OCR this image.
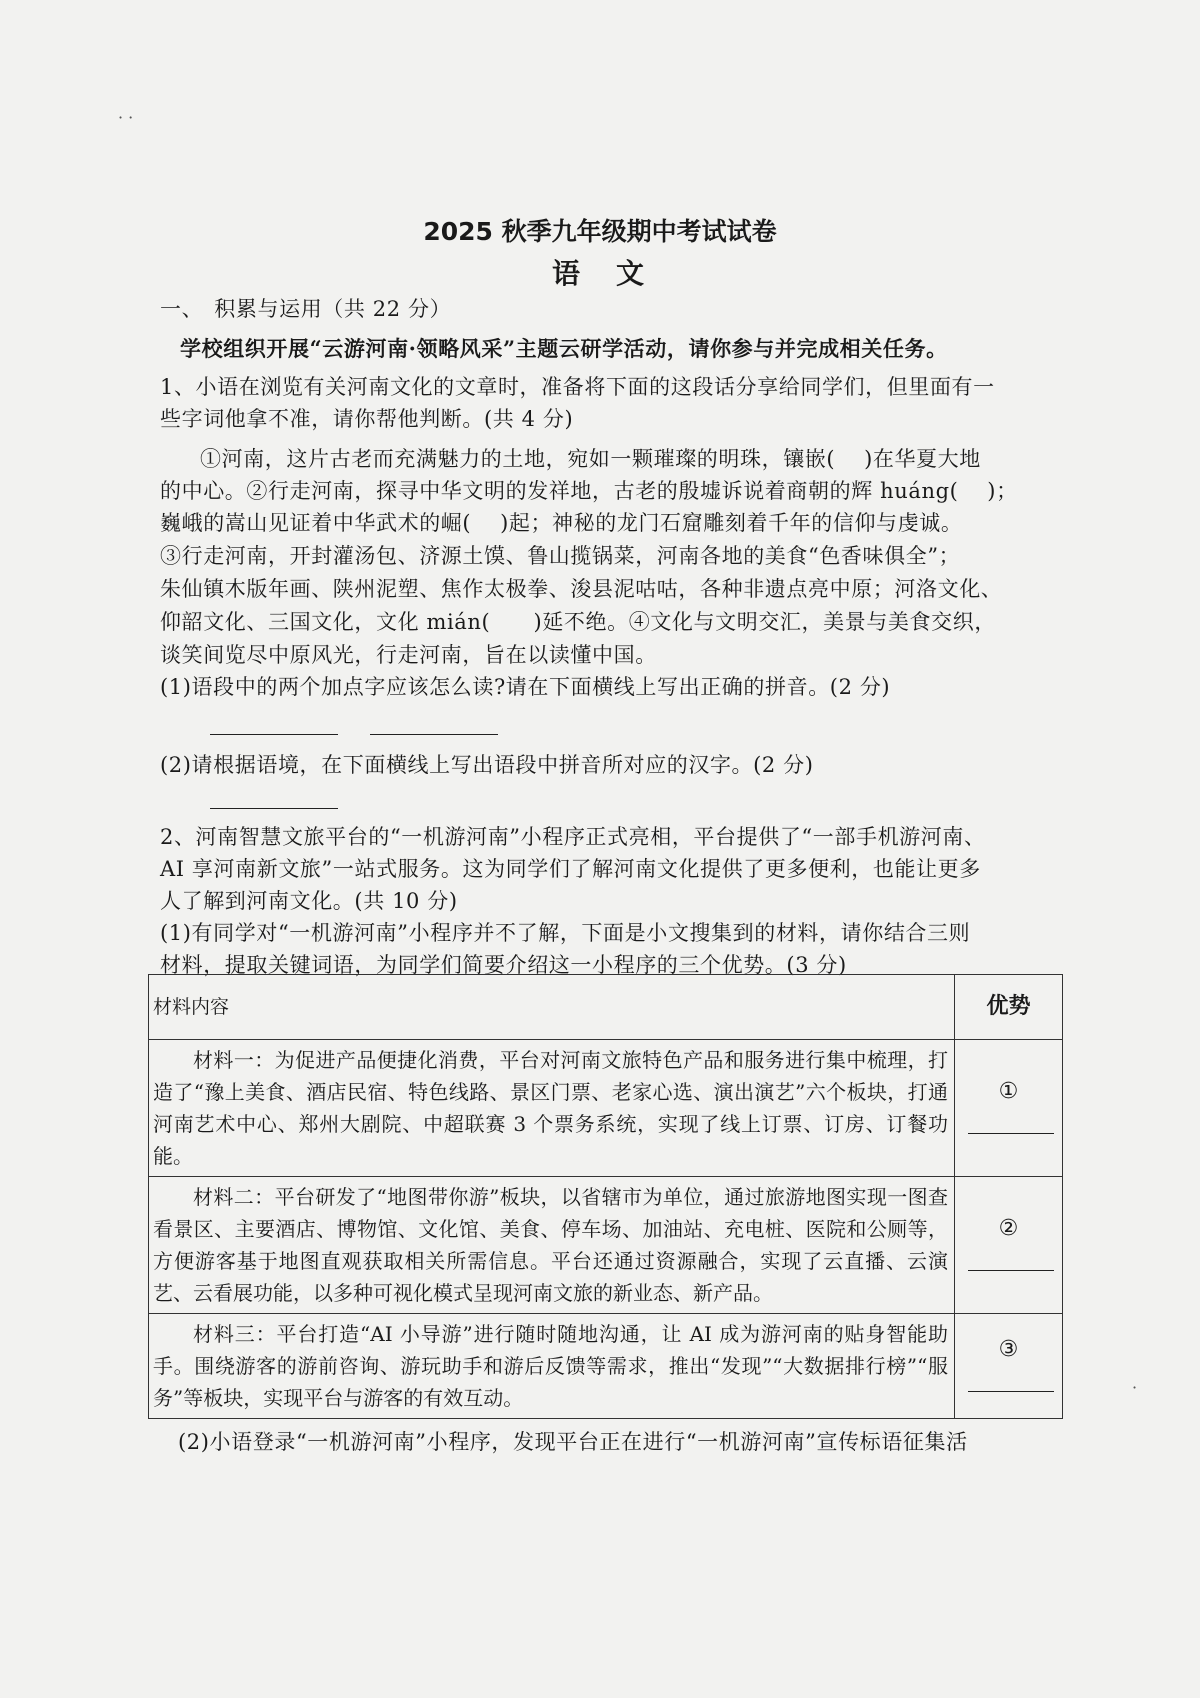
· ·
2025 秋季九年级期中考试试卷
语　文
一、　积累与运用（共 22 分）
学校组织开展“云游河南·领略风采”主题云研学活动，请你参与并完成相关任务。
1、小语在浏览有关河南文化的文章时，准备将下面的这段话分享给同学们，但里面有一
些字词他拿不准，请你帮他判断。(共 4 分)
①河南，这片古老而充满魅力的土地，宛如一颗璀璨的明珠，镶嵌(　 )在华夏大地
的中心。②行走河南，探寻中华文明的发祥地，古老的殷墟诉说着商朝的辉 huáng(　 )；
巍峨的嵩山见证着中华武术的崛(　 )起；神秘的龙门石窟雕刻着千年的信仰与虔诚。
③行走河南，开封灌汤包、济源土馍、鲁山揽锅菜，河南各地的美食“色香味俱全”；
朱仙镇木版年画、陕州泥塑、焦作太极拳、浚县泥咕咕，各种非遗点亮中原；河洛文化、
仰韶文化、三国文化，文化 mián(　　)延不绝。④文化与文明交汇，美景与美食交织，
谈笑间览尽中原风光，行走河南，旨在以读懂中国。
(1)语段中的两个加点字应该怎么读?请在下面横线上写出正确的拼音。(2 分)
(2)请根据语境，在下面横线上写出语段中拼音所对应的汉字。(2 分)
2、河南智慧文旅平台的“一机游河南”小程序正式亮相，平台提供了“一部手机游河南、
AI 享河南新文旅”一站式服务。这为同学们了解河南文化提供了更多便利，也能让更多
人了解到河南文化。(共 10 分)
(1)有同学对“一机游河南”小程序并不了解，下面是小文搜集到的材料，请你结合三则
材料，提取关键词语，为同学们简要介绍这一小程序的三个优势。(3 分)
材料内容	优势

材料一：为促进产品便捷化消费，平台对河南文旅特色产品和服务进行集中梳理，打造了“豫上美食、酒店民宿、特色线路、景区门票、老家心选、演出演艺”六个板块，打通河南艺术中心、郑州大剧院、中超联赛 3 个票务系统，实现了线上订票、订房、订餐功能。	①

材料二：平台研发了“地图带你游”板块，以省辖市为单位，通过旅游地图实现一图查看景区、主要酒店、博物馆、文化馆、美食、停车场、加油站、充电桩、医院和公厕等，方便游客基于地图直观获取相关所需信息。平台还通过资源融合，实现了云直播、云演艺、云看展功能，以多种可视化模式呈现河南文旅的新业态、新产品。	②

材料三：平台打造“AI 小导游”进行随时随地沟通，让 AI 成为游河南的贴身智能助手。围绕游客的游前咨询、游玩助手和游后反馈等需求，推出“发现”“大数据排行榜”“服务”等板块，实现平台与游客的有效互动。	③
(2)小语登录“一机游河南”小程序，发现平台正在进行“一机游河南”宣传标语征集活
·
